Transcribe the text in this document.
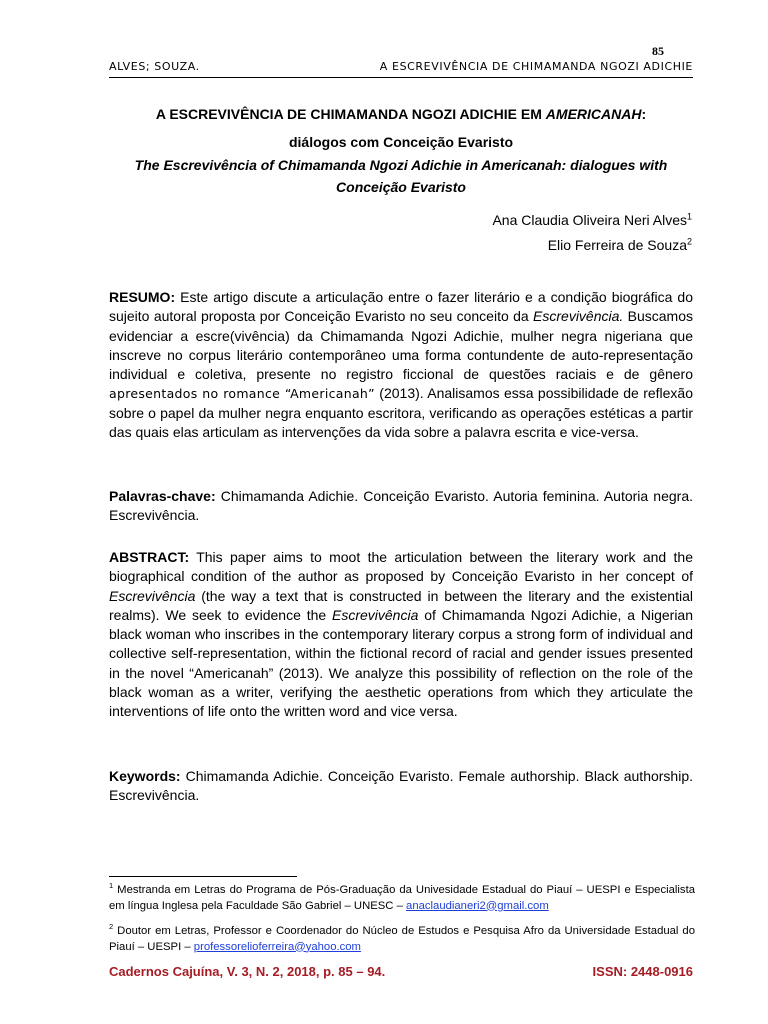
85
ALVES; SOUZA.	A ESCREVIVÊNCIA DE CHIMAMANDA NGOZI ADICHIE
A ESCREVIVÊNCIA DE CHIMAMANDA NGOZI ADICHIE EM AMERICANAH:
diálogos com Conceição Evaristo
The Escrevivência of Chimamanda Ngozi Adichie in Americanah: dialogues with
Conceição Evaristo
Ana Claudia Oliveira Neri Alves$^1$
Elio Ferreira de Souza$^2$
RESUMO: Este artigo discute a articulação entre o fazer literário e a condição biográfica do sujeito autoral proposta por Conceição Evaristo no seu conceito da Escrevivência. Buscamos evidenciar a escre(vivência) da Chimamanda Ngozi Adichie, mulher negra nigeriana que inscreve no corpus literário contemporâneo uma forma contundente de auto-representação individual e coletiva, presente no registro ficcional de questões raciais e de gênero apresentados no romance “Americanah” (2013). Analisamos essa possibilidade de reflexão sobre o papel da mulher negra enquanto escritora, verificando as operações estéticas a partir das quais elas articulam as intervenções da vida sobre a palavra escrita e vice-versa.
Palavras-chave: Chimamanda Adichie. Conceição Evaristo. Autoria feminina. Autoria negra. Escrevivência.
ABSTRACT: This paper aims to moot the articulation between the literary work and the biographical condition of the author as proposed by Conceição Evaristo in her concept of Escrevivência (the way a text that is constructed in between the literary and the existential realms). We seek to evidence the Escrevivência of Chimamanda Ngozi Adichie, a Nigerian black woman who inscribes in the contemporary literary corpus a strong form of individual and collective self-representation, within the fictional record of racial and gender issues presented in the novel “Americanah” (2013). We analyze this possibility of reflection on the role of the black woman as a writer, verifying the aesthetic operations from which they articulate the interventions of life onto the written word and vice versa.
Keywords: Chimamanda Adichie. Conceição Evaristo. Female authorship. Black authorship. Escrevivência.
$^1$ Mestranda em Letras do Programa de Pós-Graduação da Univesidade Estadual do Piauí – UESPI e Especialista em língua Inglesa pela Faculdade São Gabriel – UNESC – anaclaudianeri2@gmail.com
$^2$ Doutor em Letras, Professor e Coordenador do Núcleo de Estudos e Pesquisa Afro da Universidade Estadual do Piauí – UESPI – professorelioferreira@yahoo.com
Cadernos Cajuína, V. 3, N. 2, 2018, p. 85 – 94.	ISSN: 2448-0916
